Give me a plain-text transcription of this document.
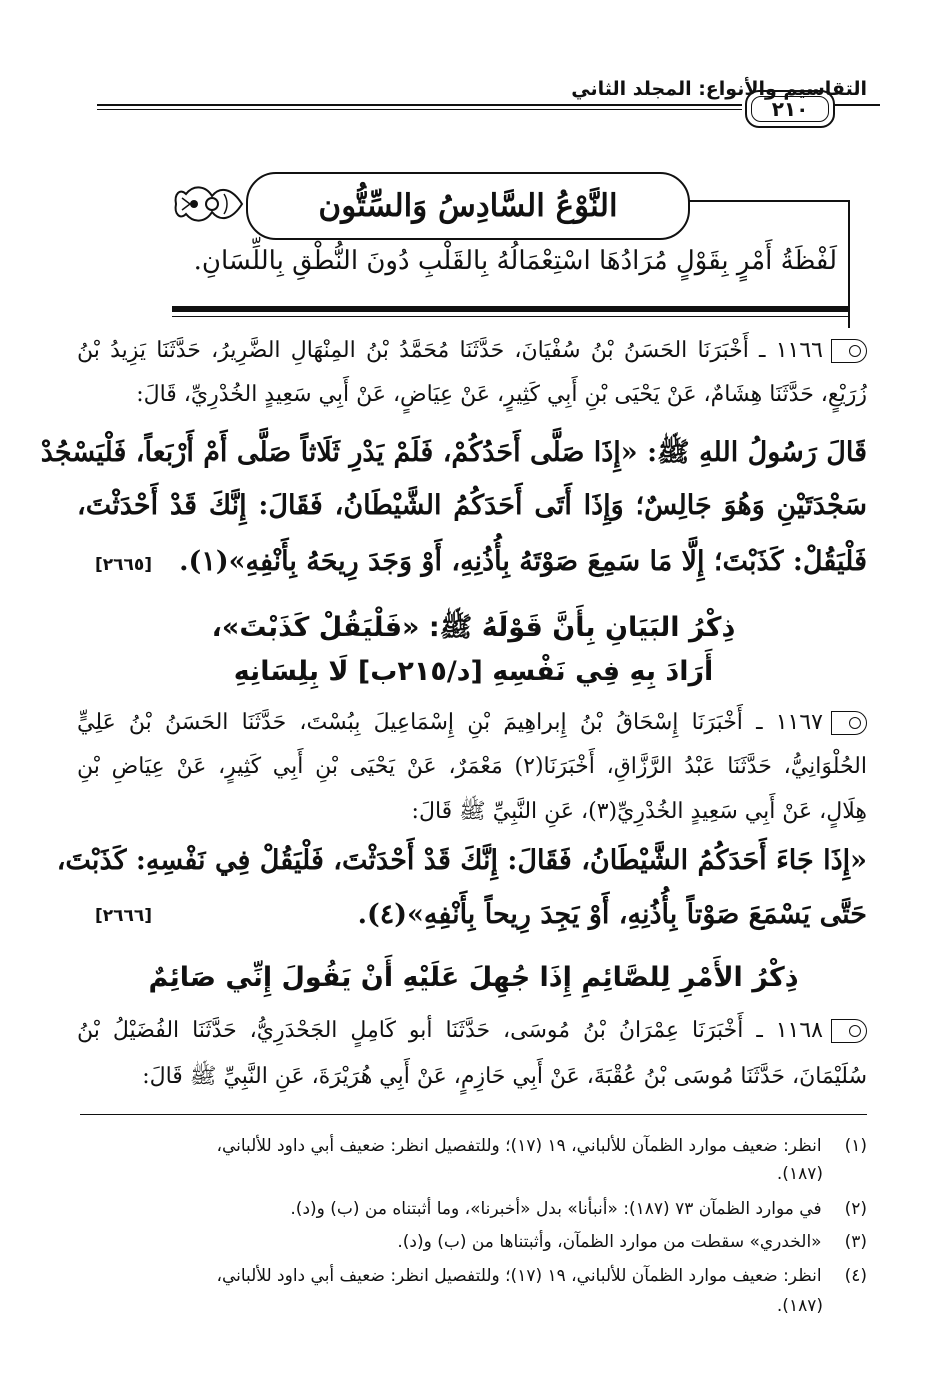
التقاسيم والأنواع: المجلد الثاني
٢١٠
النَّوْعُ السَّادِسُ وَالسِّتُّون
لَفْظَةُ أَمْرٍ بِقَوْلٍ مُرَادُهَا اسْتِعْمَالُهُ بِالقَلْبِ دُونَ النُّطْقِ بِاللِّسَانِ.
١١٦٦ ـ أَخْبَرَنَا الحَسَنُ بْنُ سُفْيَانَ، حَدَّثَنَا مُحَمَّدُ بْنُ المِنْهَالِ الضَّرِيرُ، حَدَّثَنَا يَزِيدُ بْنُ
زُرَيْعٍ، حَدَّثَنَا هِشَامٌ، عَنْ يَحْيَى بْنِ أَبِي كَثِيرٍ، عَنْ عِيَاضٍ، عَنْ أَبِي سَعِيدٍ الخُدْرِيِّ، قَالَ:
قَالَ رَسُولُ اللهِ ﷺ: «إِذَا صَلَّى أَحَدُكُمْ، فَلَمْ يَدْرِ ثَلَاثاً صَلَّى أَمْ أَرْبَعاً، فَلْيَسْجُدْ
سَجْدَتَيْنِ وَهُوَ جَالِسٌ؛ وَإِذَا أَتَى أَحَدَكُمُ الشَّيْطَانُ، فَقَالَ: إِنَّكَ قَدْ أَحْدَثْتَ،
فَلْيَقُلْ: كَذَبْتَ؛ إِلَّا مَا سَمِعَ صَوْتَهُ بِأُذُنِهِ، أَوْ وَجَدَ رِيحَهُ بِأَنْفِهِ»(١).
[٢٦٦٥]
ذِكْرُ البَيَانِ بِأَنَّ قَوْلَهُ ﷺ: «فَلْيَقُلْ كَذَبْتَ»،
أَرَادَ بِهِ فِي نَفْسِهِ [د/٢١٥ب] لَا بِلِسَانِهِ
١١٦٧ ـ أَخْبَرَنَا إِسْحَاقُ بْنُ إِبراهِيمَ بْنِ إِسْمَاعِيلَ بِبُسْتَ، حَدَّثَنَا الحَسَنُ بْنُ عَلِيٍّ
الحُلْوَانِيُّ، حَدَّثَنَا عَبْدُ الرَّزَّاقِ، أَخْبَرَنَا(٢) مَعْمَرٌ، عَنْ يَحْيَى بْنِ أَبِي كَثِيرٍ، عَنْ عِيَاضِ بْنِ
هِلَالٍ، عَنْ أَبِي سَعِيدٍ الخُدْرِيِّ(٣)، عَنِ النَّبِيِّ ﷺ قَالَ:
«إِذَا جَاءَ أَحَدَكُمُ الشَّيْطَانُ، فَقَالَ: إِنَّكَ قَدْ أَحْدَثْتَ، فَلْيَقُلْ فِي نَفْسِهِ: كَذَبْتَ،
حَتَّى يَسْمَعَ صَوْتاً بِأُذُنِهِ، أَوْ يَجِدَ رِيحاً بِأَنْفِهِ»(٤).
[٢٦٦٦]
ذِكْرُ الأَمْرِ لِلصَّائِمِ إِذَا جُهِلَ عَلَيْهِ أَنْ يَقُولَ إِنِّي صَائِمٌ
١١٦٨ ـ أَخْبَرَنَا عِمْرَانُ بْنُ مُوسَى، حَدَّثَنَا أبو كَامِلٍ الجَحْدَرِيُّ، حَدَّثَنَا الفُضَيْلُ بْنُ
سُلَيْمَانَ، حَدَّثَنَا مُوسَى بْنُ عُقْبَةَ، عَنْ أَبِي حَازِمٍ، عَنْ أَبِي هُرَيْرَةَ، عَنِ النَّبِيِّ ﷺ قَالَ:
(١) انظر: ضعيف موارد الظمآن للألباني، ١٩ (١٧)؛ وللتفصيل انظر: ضعيف أبي داود للألباني،
(١٨٧).
(٢) في موارد الظمآن ٧٣ (١٨٧): «أنبأنا» بدل «أخبرنا»، وما أثبتناه من (ب) و(د).
(٣) «الخدري» سقطت من موارد الظمآن، وأثبتناها من (ب) و(د).
(٤) انظر: ضعيف موارد الظمآن للألباني، ١٩ (١٧)؛ وللتفصيل انظر: ضعيف أبي داود للألباني،
(١٨٧).
